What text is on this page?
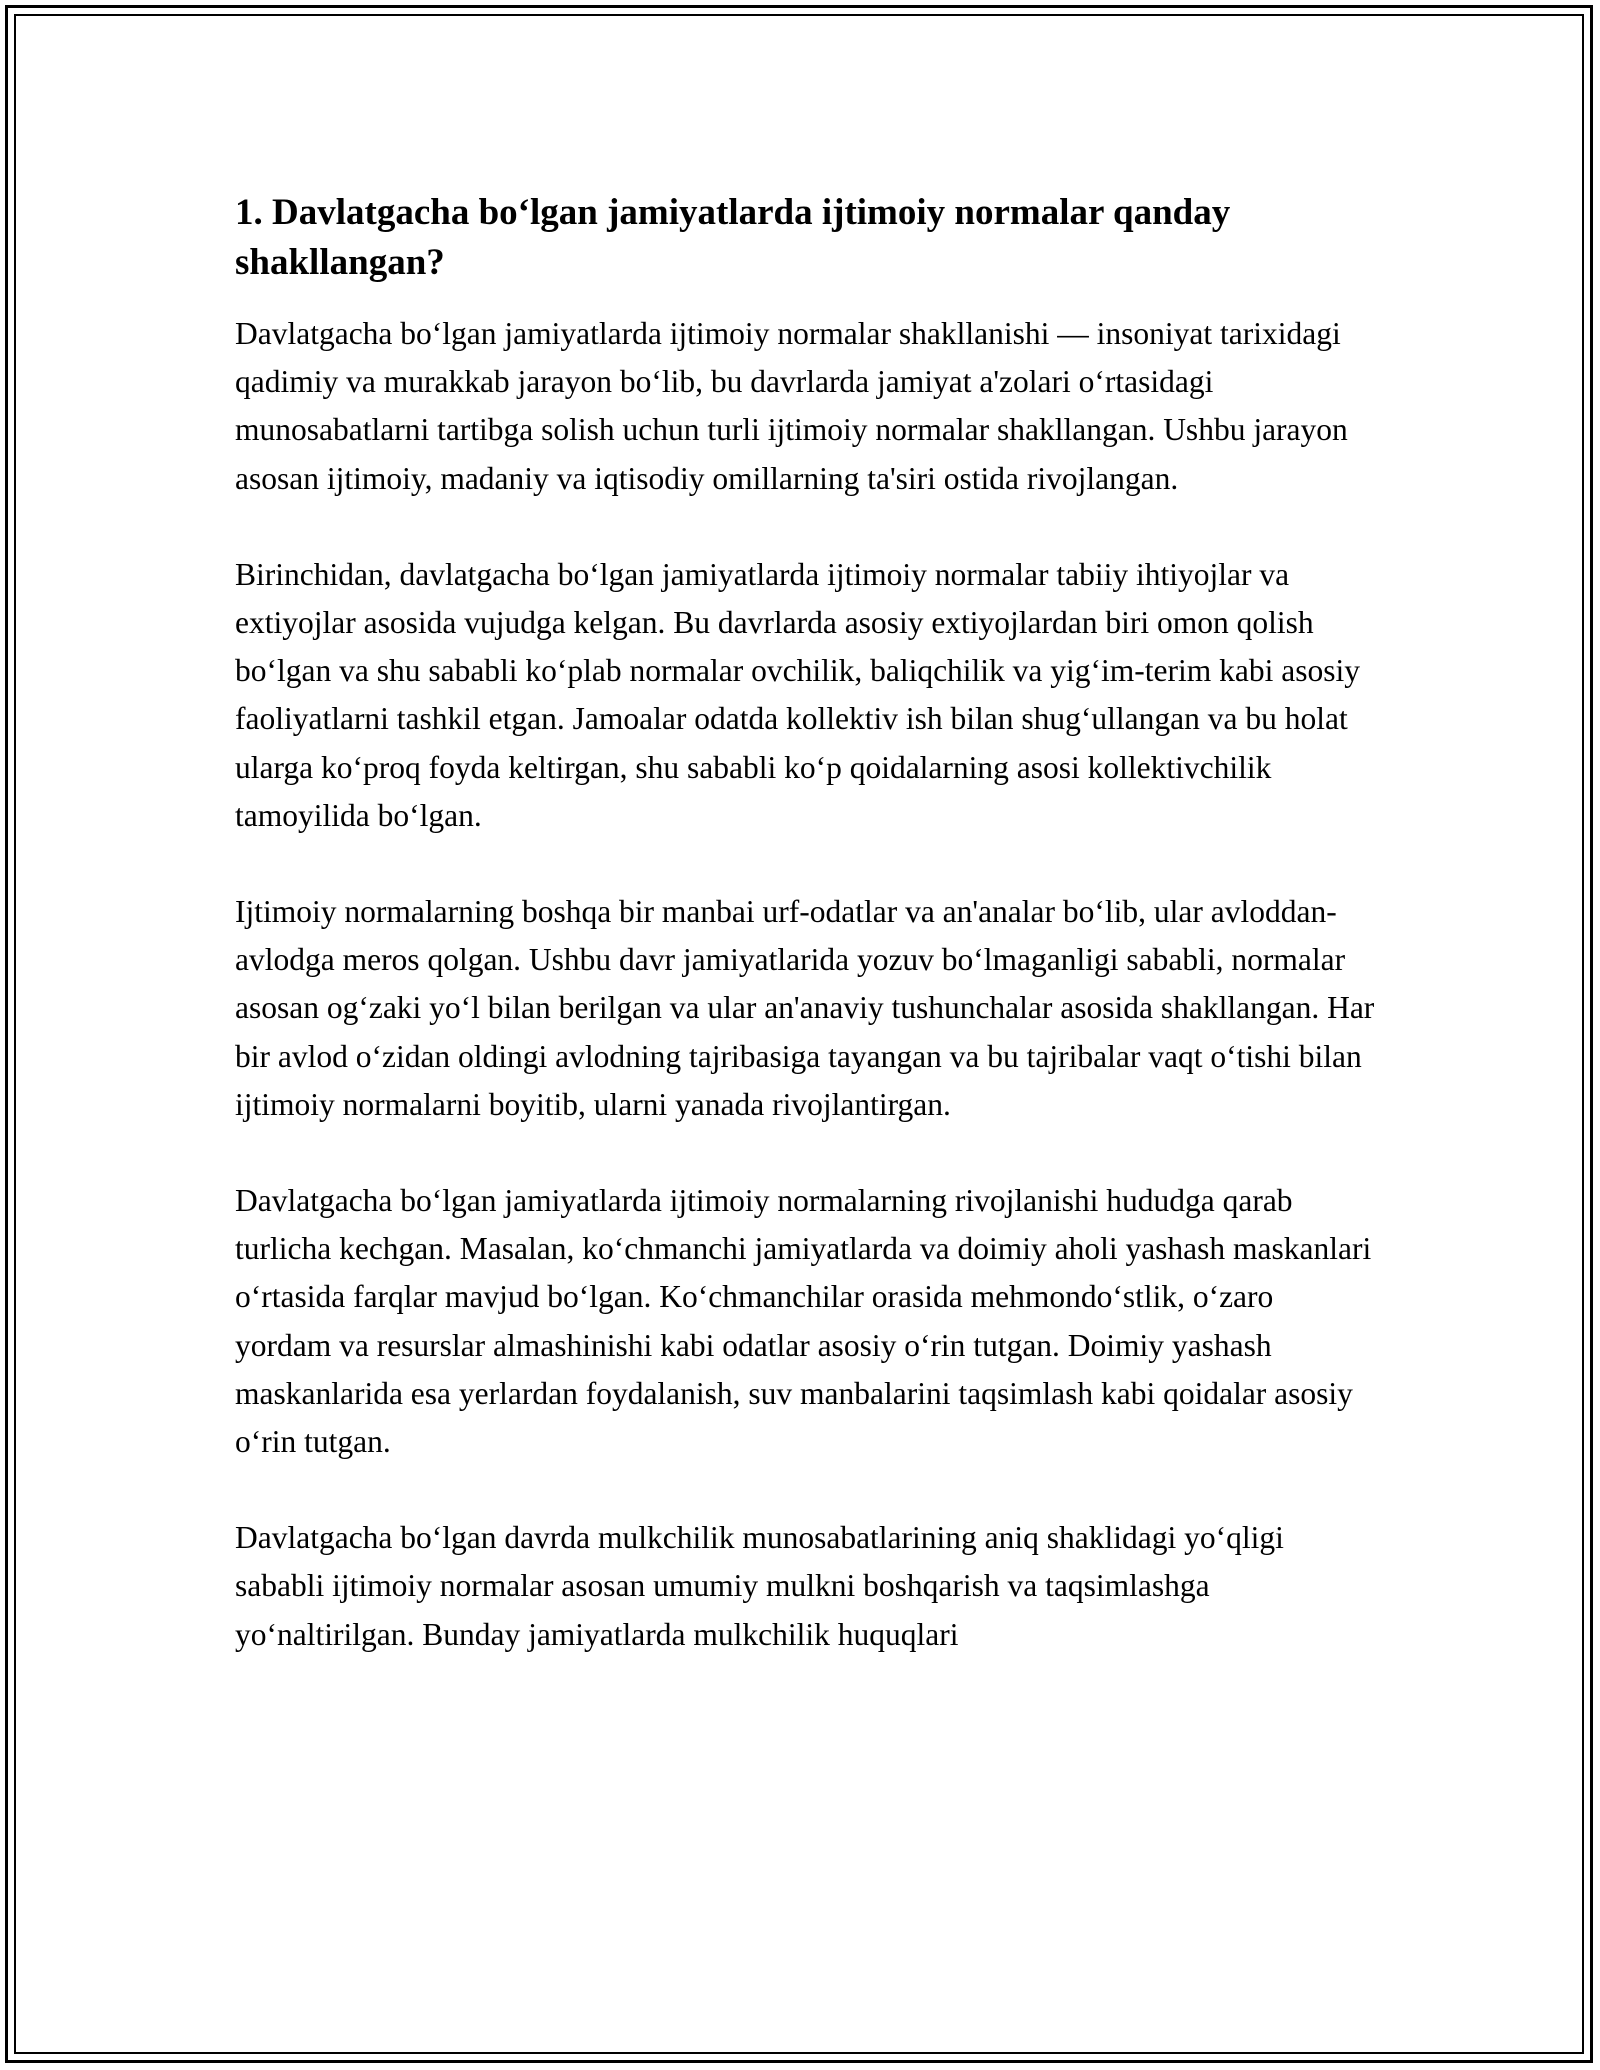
1. Davlatgacha bo‘lgan jamiyatlarda ijtimoiy normalar qanday shakllangan?

Davlatgacha bo‘lgan jamiyatlarda ijtimoiy normalar shakllanishi — insoniyat tarixidagi qadimiy va murakkab jarayon bo‘lib, bu davrlarda jamiyat a'zolari o‘rtasidagi munosabatlarni tartibga solish uchun turli ijtimoiy normalar shakllangan. Ushbu jarayon asosan ijtimoiy, madaniy va iqtisodiy omillarning ta'siri ostida rivojlangan.

Birinchidan, davlatgacha bo‘lgan jamiyatlarda ijtimoiy normalar tabiiy ihtiyojlar va extiyojlar asosida vujudga kelgan. Bu davrlarda asosiy extiyojlardan biri omon qolish bo‘lgan va shu sababli ko‘plab normalar ovchilik, baliqchilik va yig‘im-terim kabi asosiy faoliyatlarni tashkil etgan. Jamoalar odatda kollektiv ish bilan shug‘ullangan va bu holat ularga ko‘proq foyda keltirgan, shu sababli ko‘p qoidalarning asosi kollektivchilik tamoyilida bo‘lgan.

Ijtimoiy normalarning boshqa bir manbai urf-odatlar va an'analar bo‘lib, ular avloddan-avlodga meros qolgan. Ushbu davr jamiyatlarida yozuv bo‘lmaganligi sababli, normalar asosan og‘zaki yo‘l bilan berilgan va ular an'anaviy tushunchalar asosida shakllangan. Har bir avlod o‘zidan oldingi avlodning tajribasiga tayangan va bu tajribalar vaqt o‘tishi bilan ijtimoiy normalarni boyitib, ularni yanada rivojlantirgan.

Davlatgacha bo‘lgan jamiyatlarda ijtimoiy normalarning rivojlanishi hududga qarab turlicha kechgan. Masalan, ko‘chmanchi jamiyatlarda va doimiy aholi yashash maskanlari o‘rtasida farqlar mavjud bo‘lgan. Ko‘chmanchilar orasida mehmondo‘stlik, o‘zaro yordam va resurslar almashinishi kabi odatlar asosiy o‘rin tutgan. Doimiy yashash maskanlarida esa yerlardan foydalanish, suv manbalarini taqsimlash kabi qoidalar asosiy o‘rin tutgan.

Davlatgacha bo‘lgan davrda mulkchilik munosabatlarining aniq shaklidagi yo‘qligi sababli ijtimoiy normalar asosan umumiy mulkni boshqarish va taqsimlashga yo‘naltirilgan. Bunday jamiyatlarda mulkchilik huquqlari
